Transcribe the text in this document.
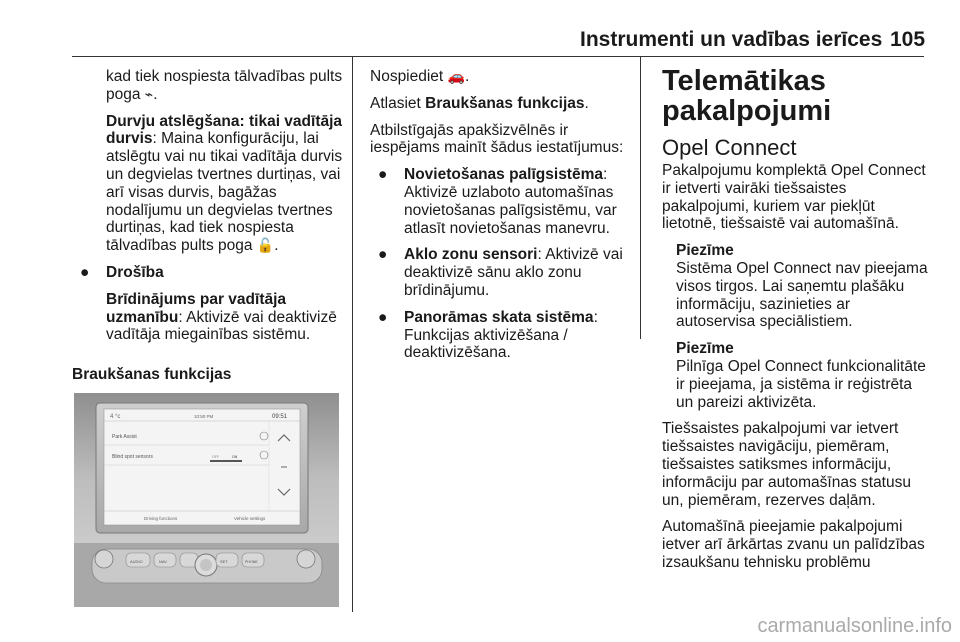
Instrumenti un vadības ierīces 105

kad tiek nospiesta tālvadības pults poga ⌁.

Durvju atslēgšana: tikai vadītāja durvis: Maina konfigurāciju, lai atslēgtu vai nu tikai vadītāja durvis un degvielas tvertnes durtiņas, vai arī visas durvis, bagāžas nodalījumu un degvielas tvertnes durtiņas, kad tiek nospiesta tālvadības pults poga 🔓.

● Drošība

Brīdinājums par vadītāja uzmanību: Aktivizē vai deaktivizē vadītāja miegainības sistēmu.

Braukšanas funkcijas

4 °c	10:50 PM	09:51
Park Assist
Blind spot sensors	OFF	ON
Driving functions	Vehicle settings
AUDIO	NAV	SET	PHONE

Nospiediet 🚗.

Atlasiet Braukšanas funkcijas.

Atbilstīgajās apakšizvēlnēs ir iespējams mainīt šādus iestatījumus:

● Novietošanas palīgsistēma: Aktivizē uzlaboto automašīnas novietošanas palīgsistēmu, var atlasīt novietošanas manevru.
● Aklo zonu sensori: Aktivizē vai deaktivizē sānu aklo zonu brīdinājumu.
● Panorāmas skata sistēma: Funkcijas aktivizēšana / deaktivizēšana.
Telemātikas pakalpojumi
Opel Connect

Pakalpojumu komplektā Opel Connect ir ietverti vairāki tiešsaistes pakalpojumi, kuriem var piekļūt lietotnē, tiešsaistē vai automašīnā.

Piezīme
Sistēma Opel Connect nav pieejama visos tirgos. Lai saņemtu plašāku informāciju, sazinieties ar autoservisa speciālistiem.
Piezīme
Pilnīga Opel Connect funkcionalitāte ir pieejama, ja sistēma ir reģistrēta un pareizi aktivizēta.

Tiešsaistes pakalpojumi var ietvert tiešsaistes navigāciju, piemēram, tiešsaistes satiksmes informāciju, informāciju par automašīnas statusu un, piemēram, rezerves daļām.

Automašīnā pieejamie pakalpojumi ietver arī ārkārtas zvanu un palīdzības izsaukšanu tehnisku problēmu

carmanualsonline.info
